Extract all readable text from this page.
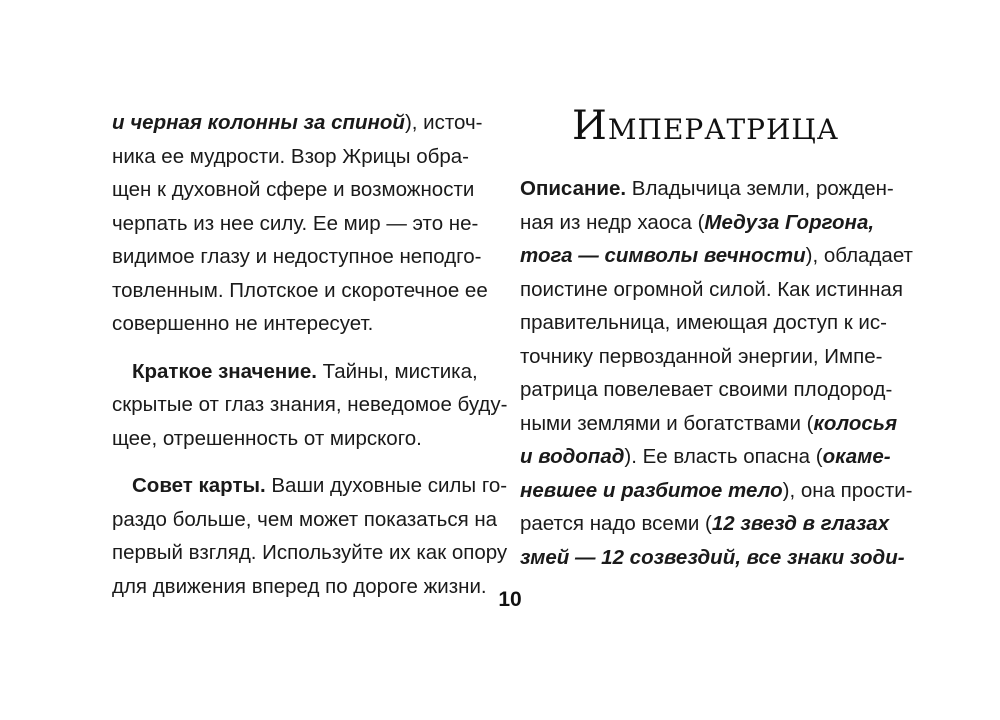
и черная колонны за спиной), источ-
ника ее мудрости. Взор Жрицы обра-
щен к духовной сфере и возможности
черпать из нее силу. Ее мир — это не-
видимое глазу и недоступное неподго-
товленным. Плотское и скоротечное ее
совершенно не интересует.
Краткое значение. Тайны, мистика,
скрытые от глаз знания, неведомое буду-
щее, отрешенность от мирского.
Совет карты. Ваши духовные силы го-
раздо больше, чем может показаться на
первый взгляд. Используйте их как опору
для движения вперед по дороге жизни.
Императрица
Описание. Владычица земли, рожден-
ная из недр хаоса (Медуза Горгона,
тога — символы вечности), обладает
поистине огромной силой. Как истинная
правительница, имеющая доступ к ис-
точнику первозданной энергии, Импе-
ратрица повелевает своими плодород-
ными землями и богатствами (колосья
и водопад). Ее власть опасна (окаме-
невшее и разбитое тело), она прости-
рается надо всеми (12 звезд в глазах
змей — 12 созвездий, все знаки зоди-
10
